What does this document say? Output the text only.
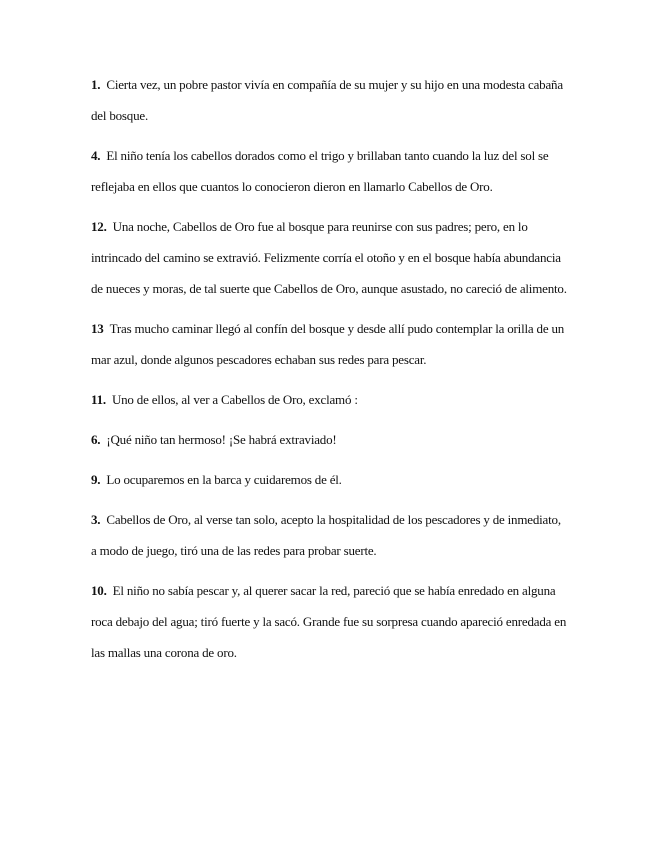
1. Cierta vez, un pobre pastor vivía en compañía de su mujer y su hijo en una modesta cabaña del bosque.

4. El niño tenía los cabellos dorados como el trigo y brillaban tanto cuando la luz del sol se reflejaba en ellos que cuantos lo conocieron dieron en llamarlo Cabellos de Oro.

12. Una noche, Cabellos de Oro fue al bosque para reunirse con sus padres; pero, en lo intrincado del camino se extravió. Felizmente corría el otoño y en el bosque había abundancia de nueces y moras, de tal suerte que Cabellos de Oro, aunque asustado, no careció de alimento.

13 Tras mucho caminar llegó al confín del bosque y desde allí pudo contemplar la orilla de un mar azul, donde algunos pescadores echaban sus redes para pescar.

11. Uno de ellos, al ver a Cabellos de Oro, exclamó :

6. ¡Qué niño tan hermoso! ¡Se habrá extraviado!

9. Lo ocuparemos en la barca y cuidaremos de él.

3. Cabellos de Oro, al verse tan solo, acepto la hospitalidad de los pescadores y de inmediato, a modo de juego, tiró una de las redes para probar suerte.

10. El niño no sabía pescar y, al querer sacar la red, pareció que se había enredado en alguna roca debajo del agua; tiró fuerte y la sacó. Grande fue su sorpresa cuando apareció enredada en las mallas una corona de oro.
